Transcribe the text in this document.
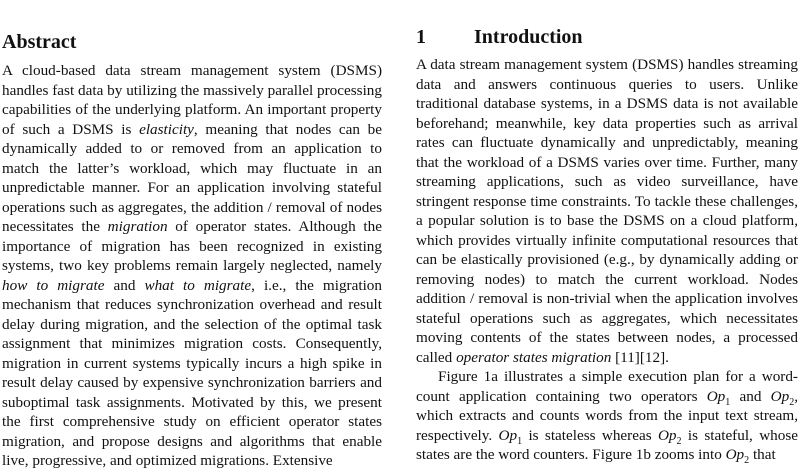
Abstract

A cloud-based data stream management system (DSMS) handles fast data by utilizing the massively parallel processing capabilities of the underlying platform. An important property of such a DSMS is elasticity, meaning that nodes can be dynamically added to or removed from an application to match the latter’s workload, which may fluctuate in an unpredictable manner. For an application involving stateful operations such as aggregates, the addition / removal of nodes necessitates the migration of operator states. Although the importance of migration has been recognized in existing systems, two key problems remain largely neglected, namely how to migrate and what to migrate, i.e., the migration mechanism that reduces synchronization overhead and result delay during migration, and the selection of the optimal task assignment that minimizes migration costs. Consequently, migration in current systems typically incurs a high spike in result delay caused by expensive synchronization barriers and suboptimal task assignments. Motivated by this, we present the first comprehensive study on efficient operator states migration, and propose designs and algorithms that enable live, progressive, and optimized migrations. Extensive

1 Introduction

A data stream management system (DSMS) handles streaming data and answers continuous queries to users. Unlike traditional database systems, in a DSMS data is not available beforehand; meanwhile, key data properties such as arrival rates can fluctuate dynamically and unpredictably, meaning that the workload of a DSMS varies over time. Further, many streaming applications, such as video surveillance, have stringent response time constraints. To tackle these challenges, a popular solution is to base the DSMS on a cloud platform, which provides virtually infinite computational resources that can be elastically provisioned (e.g., by dynamically adding or removing nodes) to match the current workload. Nodes addition / removal is non-trivial when the application involves stateful operations such as aggregates, which necessitates moving contents of the states between nodes, a processed called operator states migration [11][12].

Figure 1a illustrates a simple execution plan for a word-count application containing two operators $Op_1$ and $Op_2$, which extracts and counts words from the input text stream, respectively. $Op_1$ is stateless whereas $Op_2$ is stateful, whose states are the word counters. Figure 1b zooms into $Op_2$ that
